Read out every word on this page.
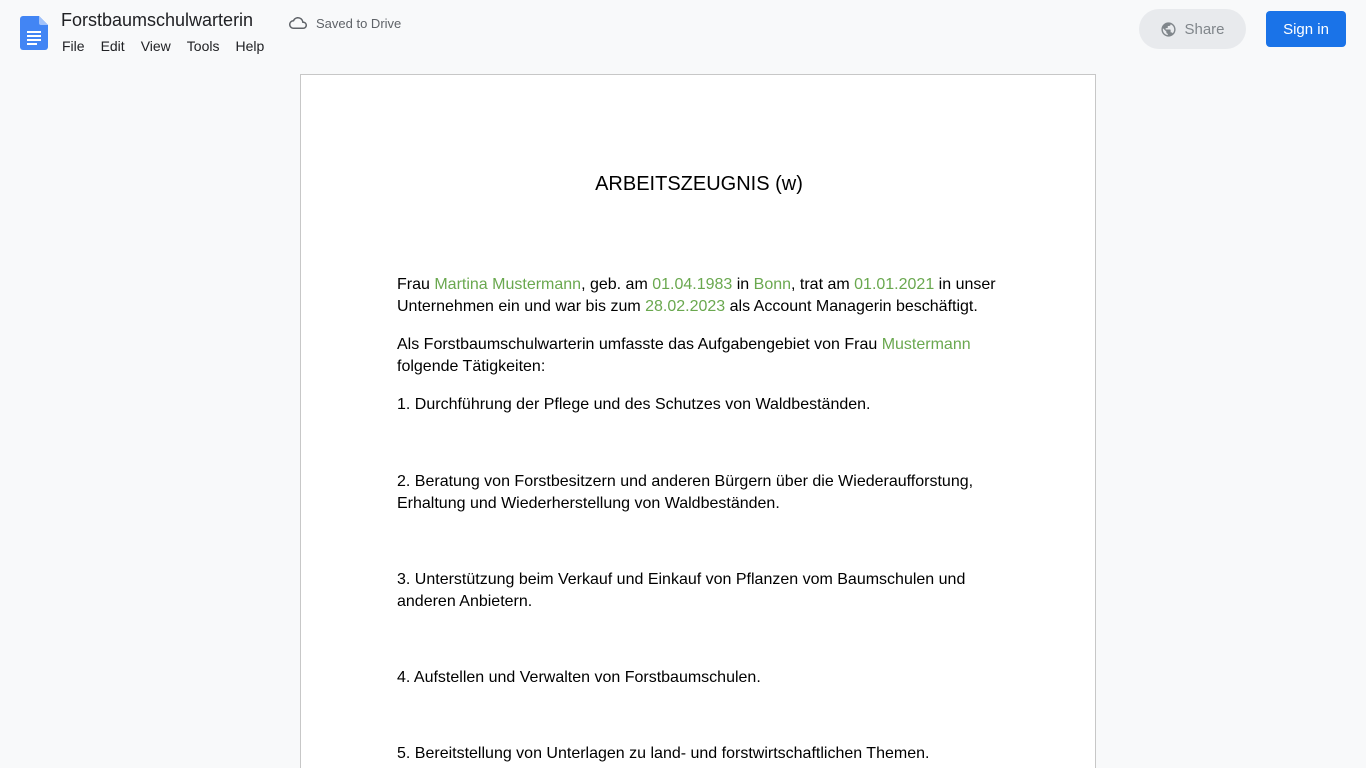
Forstbaumschulwarterin	Saved to Drive
File	Edit	View	Tools	Help
Share	Sign in
ARBEITSZEUGNIS (w)
Frau Martina Mustermann, geb. am 01.04.1983 in Bonn, trat am 01.01.2021 in unser Unternehmen ein und war bis zum 28.02.2023 als Account Managerin beschäftigt.
Als Forstbaumschulwarterin umfasste das Aufgabengebiet von Frau Mustermann folgende Tätigkeiten:
1. Durchführung der Pflege und des Schutzes von Waldbeständen.
2. Beratung von Forstbesitzern und anderen Bürgern über die Wiederaufforstung, Erhaltung und Wiederherstellung von Waldbeständen.
3. Unterstützung beim Verkauf und Einkauf von Pflanzen vom Baumschulen und anderen Anbietern.
4. Aufstellen und Verwalten von Forstbaumschulen.
5. Bereitstellung von Unterlagen zu land- und forstwirtschaftlichen Themen.
